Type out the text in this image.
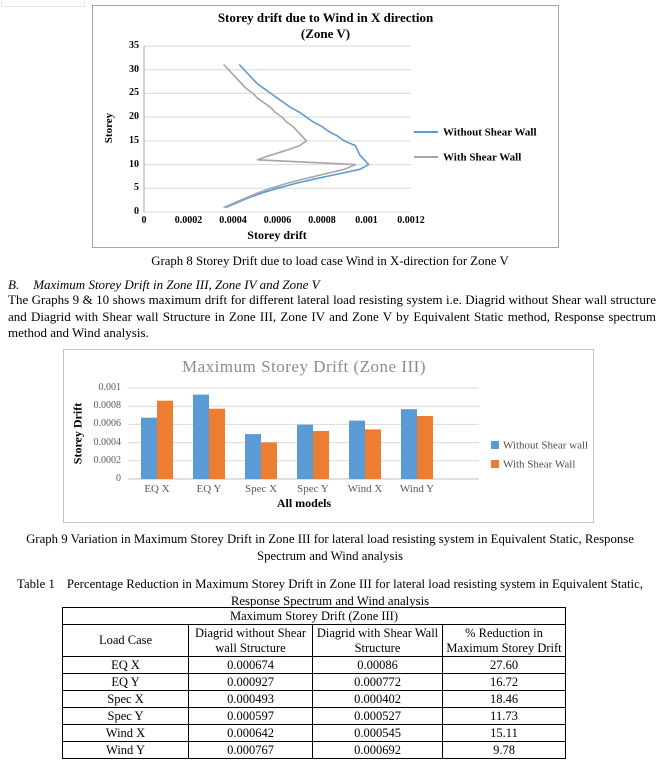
Storey drift due to Wind in X direction
(Zone V)
Storey
Storey drift
0
5
10
15
20
25
30
35
0	0.0002	0.0004	0.0006	0.0008	0.001	0.0012
Without Shear Wall
With Shear Wall
Graph 8 Storey Drift due to load case Wind in X-direction for Zone V
B. Maximum Storey Drift in Zone III, Zone IV and Zone V

The Graphs 9 & 10 shows maximum drift for different lateral load resisting system i.e. Diagrid without Shear wall structure and Diagrid with Shear wall Structure in Zone III, Zone IV and Zone V by Equivalent Static method, Response spectrum method and Wind analysis.

Maximum Storey Drift (Zone III)
Storey Drift
All models
0
0.0002
0.0004
0.0006
0.0008
0.001
EQ X	EQ Y	Spec X	Spec Y	Wind X	Wind Y
Without Shear wall
With Shear Wall
Graph 9 Variation in Maximum Storey Drift in Zone III for lateral load resisting system in Equivalent Static, Response Spectrum and Wind analysis
Table 1 Percentage Reduction in Maximum Storey Drift in Zone III for lateral load resisting system in Equivalent Static, Response Spectrum and Wind analysis
Maximum Storey Drift (Zone III)			
Load Case	Diagrid without Shear wall Structure	Diagrid with Shear Wall Structure	% Reduction in Maximum Storey Drift
EQ X	0.000674	0.00086	27.60
EQ Y	0.000927	0.000772	16.72
Spec X	0.000493	0.000402	18.46
Spec Y	0.000597	0.000527	11.73
Wind X	0.000642	0.000545	15.11
Wind Y	0.000767	0.000692	9.78
